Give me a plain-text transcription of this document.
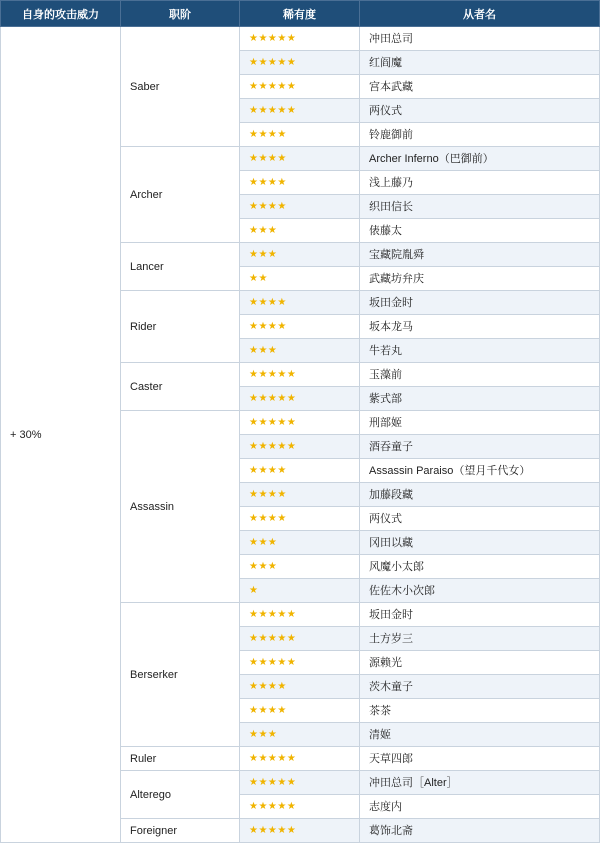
自身的攻击威力	职阶	稀有度	从者名
+ 30%	Saber	★★★★★	冲田总司
		★★★★★	红阎魔
		★★★★★	宫本武藏
		★★★★★	两仪式
		★★★★	铃鹿御前
	Archer	★★★★	Archer Inferno（巴御前）
		★★★★	浅上藤乃
		★★★★	织田信长
		★★★	俵藤太
	Lancer	★★★	宝藏院胤舜
		★★	武藏坊弁庆
	Rider	★★★★	坂田金时
		★★★★	坂本龙马
		★★★	牛若丸
	Caster	★★★★★	玉藻前
		★★★★★	紫式部
	Assassin	★★★★★	刑部姬
		★★★★★	酒吞童子
		★★★★	Assassin Paraiso（望月千代女）
		★★★★	加藤段藏
		★★★★	两仪式
		★★★	冈田以藏
		★★★	风魔小太郎
		★	佐佐木小次郎
	Berserker	★★★★★	坂田金时
		★★★★★	土方岁三
		★★★★★	源赖光
		★★★★	茨木童子
		★★★★	茶茶
		★★★	清姬
	Ruler	★★★★★	天草四郎
	Alterego	★★★★★	冲田总司［Alter］
		★★★★★	志度内
	Foreigner	★★★★★	葛饰北斋
